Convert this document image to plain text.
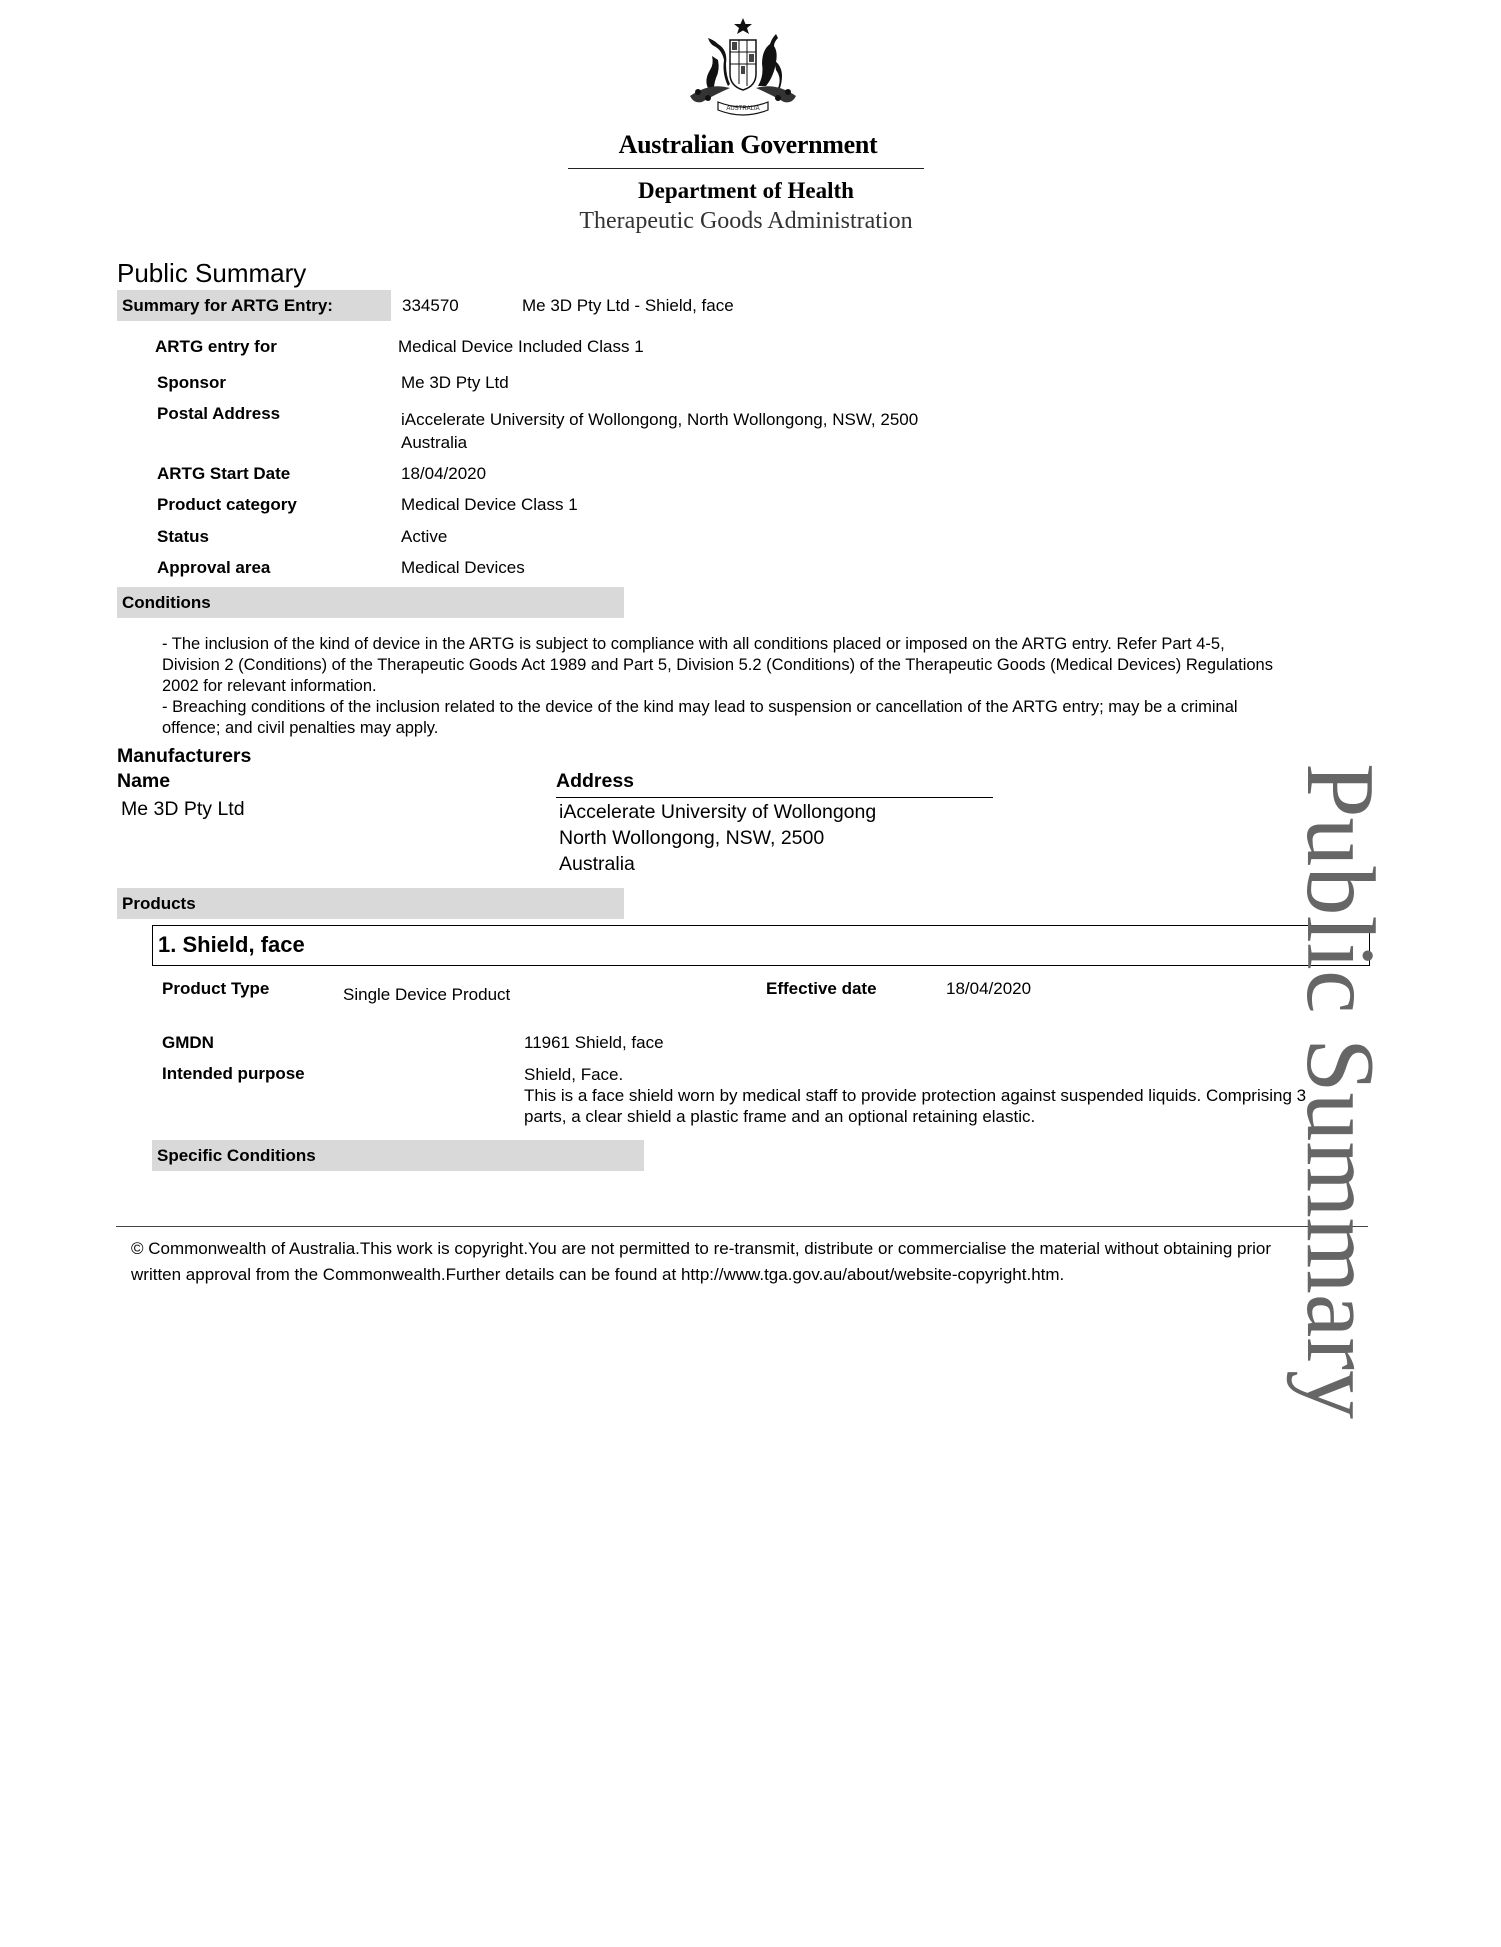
AUSTRALIA
Australian Government
Department of Health
Therapeutic Goods Administration
Public Summary
Summary for ARTG Entry:	334570	Me 3D Pty Ltd - Shield, face
ARTG entry for	Medical Device Included Class 1
Sponsor	Me 3D Pty Ltd
Postal Address	iAccelerate University of Wollongong, North Wollongong, NSW, 2500
Australia
ARTG Start Date	18/04/2020
Product category	Medical Device Class 1
Status	Active
Approval area	Medical Devices
Conditions
- The inclusion of the kind of device in the ARTG is subject to compliance with all conditions placed or imposed on the ARTG entry. Refer Part 4-5,
Division 2 (Conditions) of the Therapeutic Goods Act 1989 and Part 5, Division 5.2 (Conditions) of the Therapeutic Goods (Medical Devices) Regulations
2002 for relevant information.
- Breaching conditions of the inclusion related to the device of the kind may lead to suspension or cancellation of the ARTG entry; may be a criminal
offence; and civil penalties may apply.
Manufacturers
Name	Address
Me 3D Pty Ltd	iAccelerate University of Wollongong
North Wollongong, NSW, 2500
Australia
Products
1. Shield, face
Product Type	Single Device Product	Effective date	18/04/2020
GMDN	11961 Shield, face
Intended purpose	Shield, Face.
This is a face shield worn by medical staff to provide protection against suspended liquids. Comprising 3
parts, a clear shield a plastic frame and an optional retaining elastic.
Specific Conditions
© Commonwealth of Australia.This work is copyright.You are not permitted to re-transmit, distribute or commercialise the material without obtaining prior
written approval from the Commonwealth.Further details can be found at http://www.tga.gov.au/about/website-copyright.htm.	Public Summary
